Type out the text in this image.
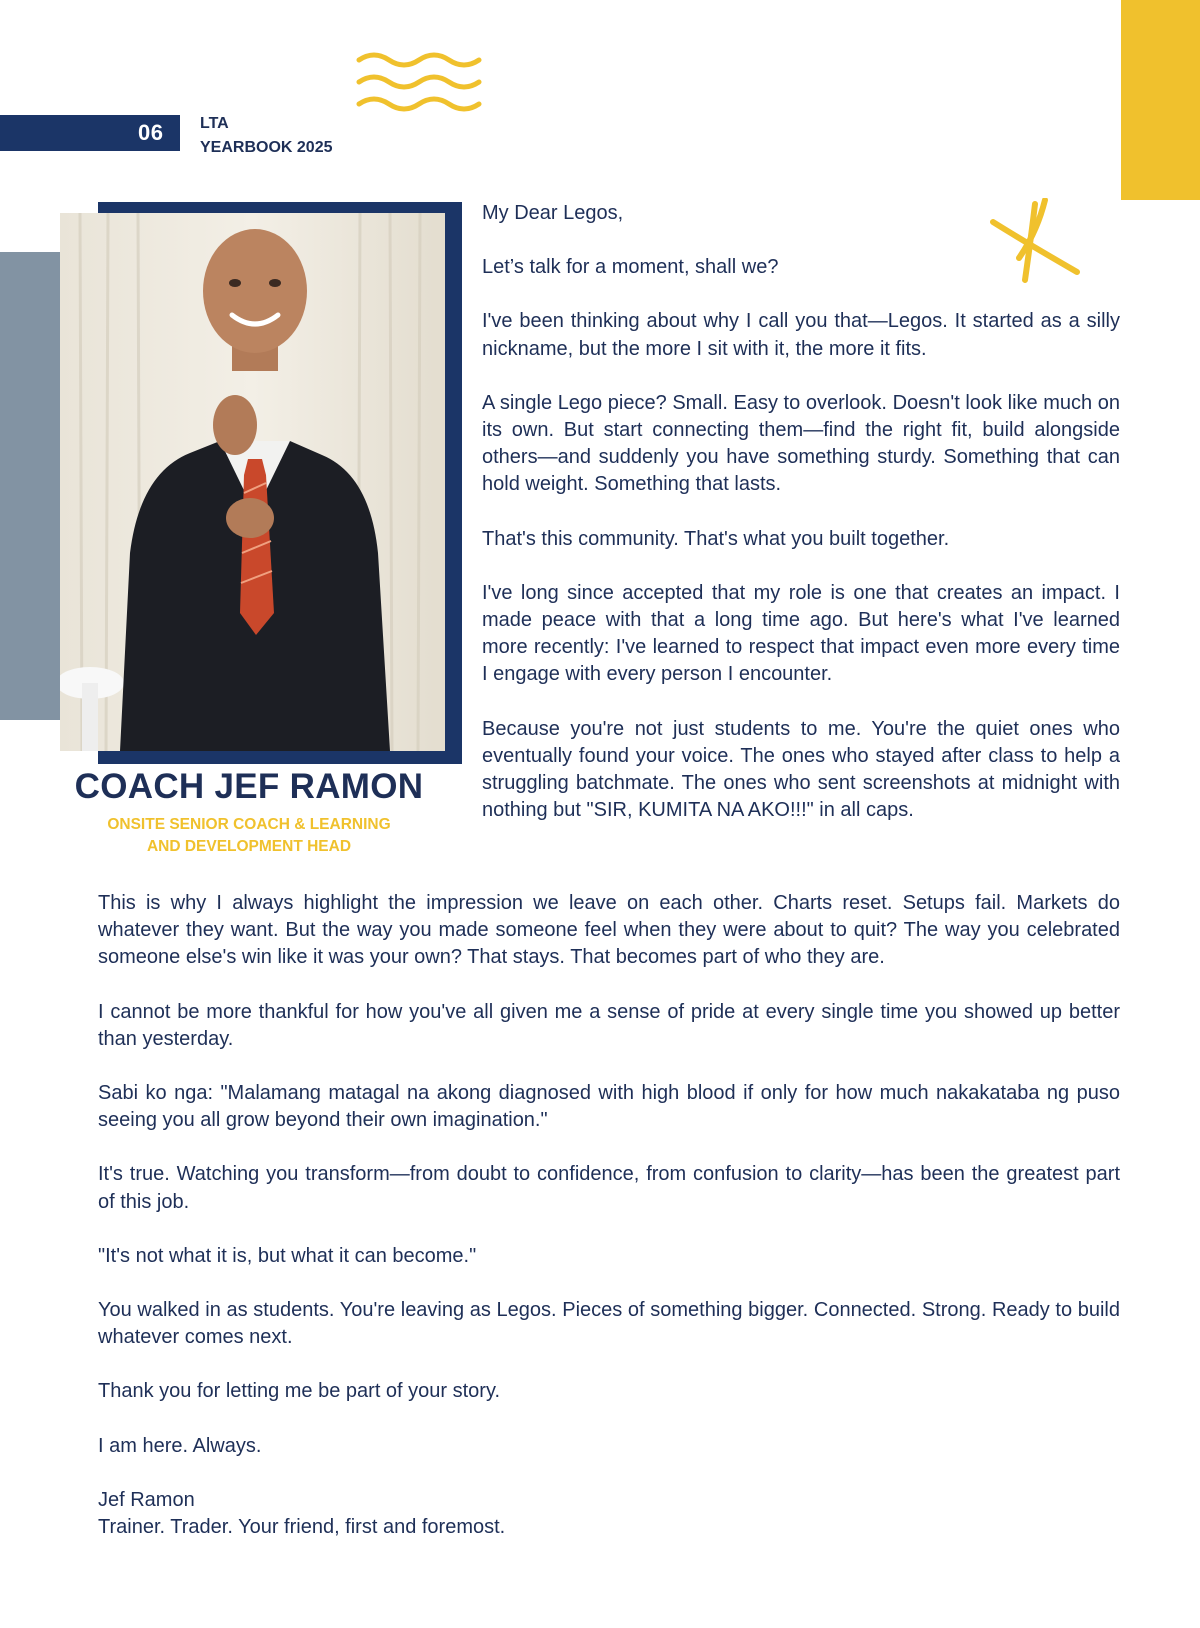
06 LTA
YEARBOOK 2025
COACH JEF RAMON
ONSITE SENIOR COACH & LEARNING
AND DEVELOPMENT HEAD

My Dear Legos,

Let’s talk for a moment, shall we?

I've been thinking about why I call you that—Legos. It started as a silly nickname, but the more I sit with it, the more it fits.

A single Lego piece? Small. Easy to overlook. Doesn't look like much on its own. But start connecting them—find the right fit, build alongside others—and suddenly you have something sturdy. Something that can hold weight. Something that lasts.

That's this community. That's what you built together.

I've long since accepted that my role is one that creates an impact. I made peace with that a long time ago. But here's what I've learned more recently: I've learned to respect that impact even more every time I engage with every person I encounter.

Because you're not just students to me. You're the quiet ones who eventually found your voice. The ones who stayed after class to help a struggling batchmate. The ones who sent screenshots at midnight with nothing but "SIR, KUMITA NA AKO!!!" in all caps.

This is why I always highlight the impression we leave on each other. Charts reset. Setups fail. Markets do whatever they want. But the way you made someone feel when they were about to quit? The way you celebrated someone else's win like it was your own? That stays. That becomes part of who they are.

I cannot be more thankful for how you've all given me a sense of pride at every single time you showed up better than yesterday.

Sabi ko nga: "Malamang matagal na akong diagnosed with high blood if only for how much nakakataba ng puso seeing you all grow beyond their own imagination."

It's true. Watching you transform—from doubt to confidence, from confusion to clarity—has been the greatest part of this job.

"It's not what it is, but what it can become."

You walked in as students. You're leaving as Legos. Pieces of something bigger. Connected. Strong. Ready to build whatever comes next.

Thank you for letting me be part of your story.

I am here. Always.

Jef Ramon
Trainer. Trader. Your friend, first and foremost.
